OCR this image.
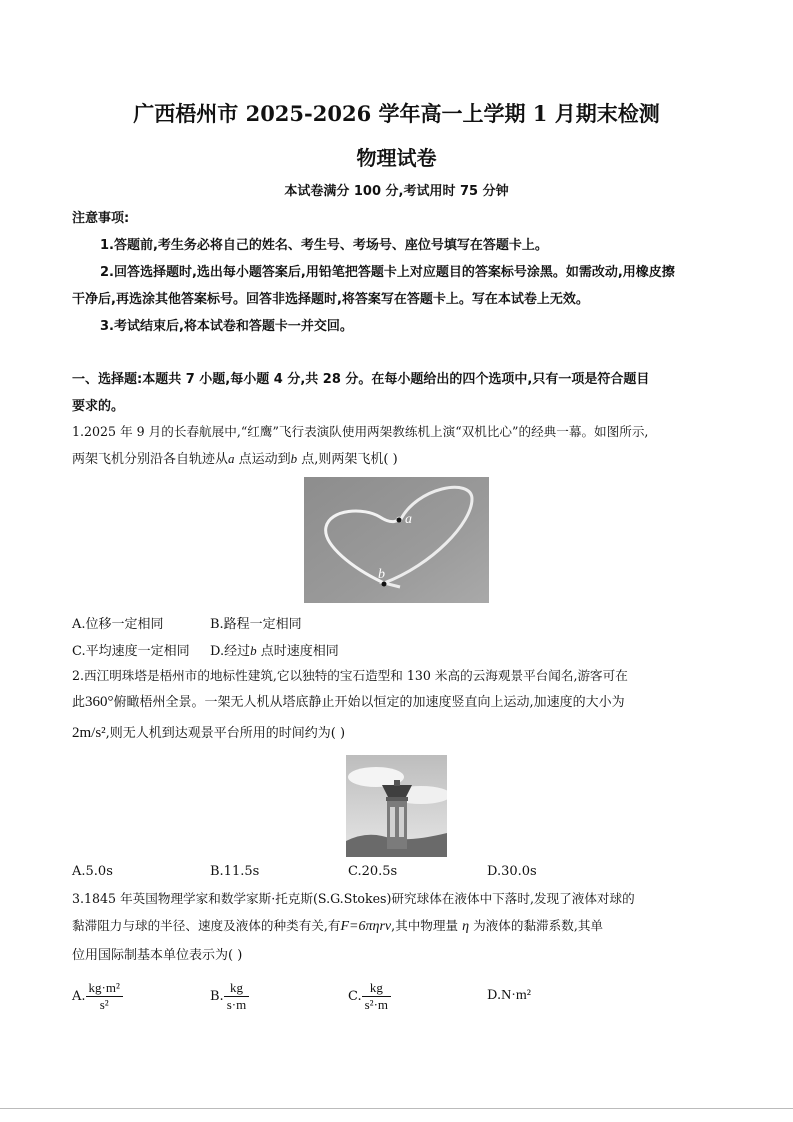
广西梧州市 2025-2026 学年高一上学期 1 月期末检测
物理试卷
本试卷满分 100 分,考试用时 75 分钟
注意事项:
1.答题前,考生务必将自己的姓名、考生号、考场号、座位号填写在答题卡上。
2.回答选择题时,选出每小题答案后,用铅笔把答题卡上对应题目的答案标号涂黑。如需改动,用橡皮擦
干净后,再选涂其他答案标号。回答非选择题时,将答案写在答题卡上。写在本试卷上无效。
3.考试结束后,将本试卷和答题卡一并交回。
一、选择题:本题共 7 小题,每小题 4 分,共 28 分。在每小题给出的四个选项中,只有一项是符合题目
要求的。
1.2025 年 9 月的长春航展中,“红鹰”飞行表演队使用两架教练机上演“双机比心”的经典一幕。如图所示,
两架飞机分别沿各自轨迹从a 点运动到b 点,则两架飞机( )
a
b
A.位移一定相同	B.路程一定相同
C.平均速度一定相同 D.经过b 点时速度相同
2.西江明珠塔是梧州市的地标性建筑,它以独特的宝石造型和 130 米高的云海观景平台闻名,游客可在
此360°俯瞰梧州全景。一架无人机从塔底静止开始以恒定的加速度竖直向上运动,加速度的大小为
2m/s²,则无人机到达观景平台所用的时间约为( )
A.5.0s	B.11.5s	C.20.5s	D.30.0s
3.1845 年英国物理学家和数学家斯·托克斯(S.G.Stokes)研究球体在液体中下落时,发现了液体对球的
黏滞阻力与球的半径、速度及液体的种类有关,有F=6πηrv,其中物理量 η 为液体的黏滞系数,其单
位用国际制基本单位表示为( )
A. $\frac{\text{kg·m²}}{\text{s²}}$	B. $\frac{kg}{s\cdot m}$	C. $\frac{kg}{\text{s²·m}}$	D.N·m²
